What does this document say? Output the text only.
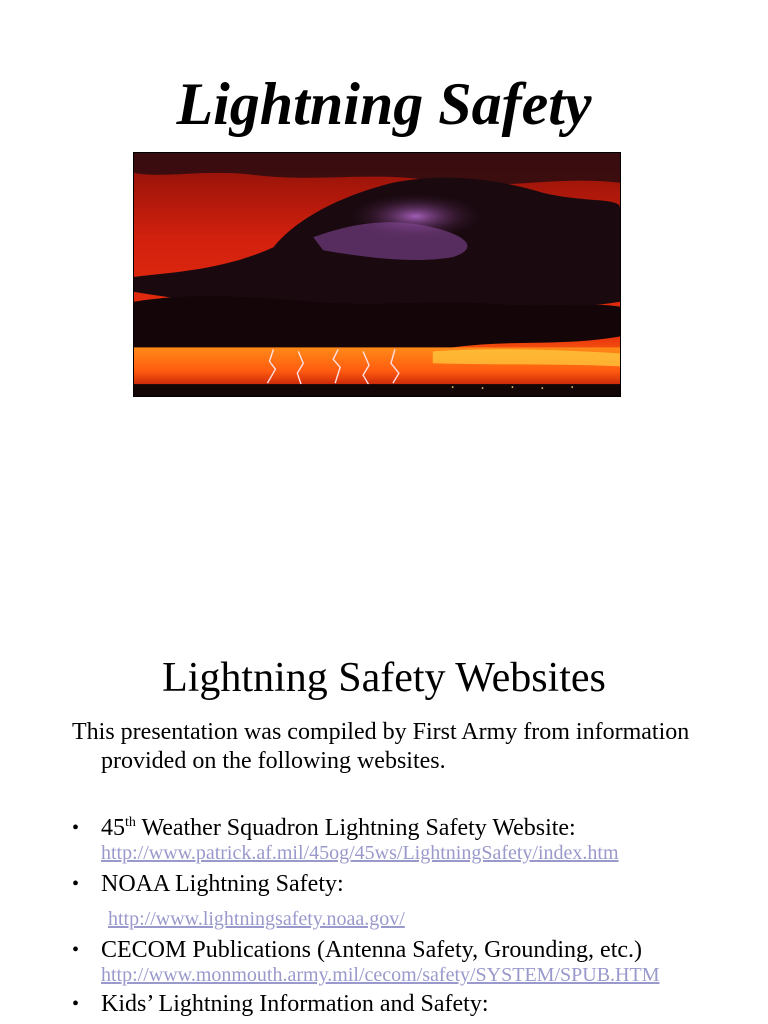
Lightning Safety
Lightning Safety Websites

This presentation was compiled by First Army from information provided on the following websites.

• 45th Weather Squadron Lightning Safety Website:
http://www.patrick.af.mil/45og/45ws/LightningSafety/index.htm
• NOAA Lightning Safety:
http://www.lightningsafety.noaa.gov/
• CECOM Publications (Antenna Safety, Grounding, etc.)
http://www.monmouth.army.mil/cecom/safety/SYSTEM/SPUB.HTM
• Kids’ Lightning Information and Safety:
